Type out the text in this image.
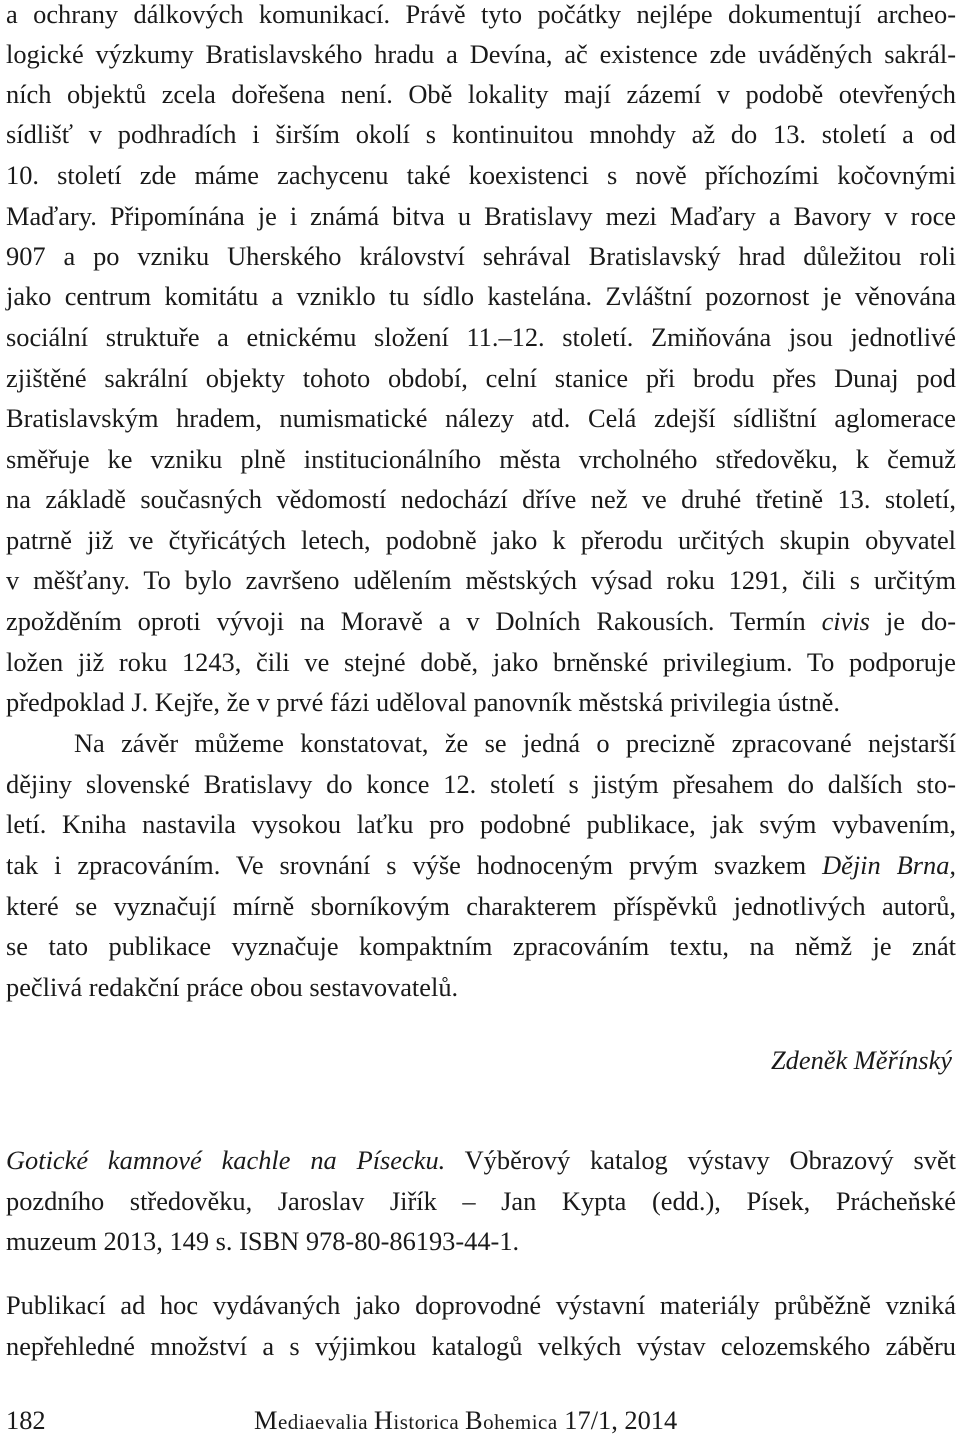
a ochrany dálkových komunikací. Právě tyto počátky nejlépe dokumentují archeo-
logické výzkumy Bratislavského hradu a Devína, ač existence zde uváděných sakrál-
ních objektů zcela dořešena není. Obě lokality mají zázemí v podobě otevřených
sídlišť v podhradích i širším okolí s kontinuitou mnohdy až do 13. století a od
10. století zde máme zachycenu také koexistenci s nově příchozími kočovnými
Maďary. Připomínána je i známá bitva u Bratislavy mezi Maďary a Bavory v roce
907 a po vzniku Uherského království sehrával Bratislavský hrad důležitou roli
jako centrum komitátu a vzniklo tu sídlo kastelána. Zvláštní pozornost je věnována
sociální struktuře a etnickému složení 11.–12. století. Zmiňována jsou jednotlivé
zjištěné sakrální objekty tohoto období, celní stanice při brodu přes Dunaj pod
Bratislavským hradem, numismatické nálezy atd. Celá zdejší sídlištní aglomerace
směřuje ke vzniku plně institucionálního města vrcholného středověku, k čemuž
na základě současných vědomostí nedochází dříve než ve druhé třetině 13. století,
patrně již ve čtyřicátých letech, podobně jako k přerodu určitých skupin obyvatel
v měšťany. To bylo završeno udělením městských výsad roku 1291, čili s určitým
zpožděním oproti vývoji na Moravě a v Dolních Rakousích. Termín civis je do-
ložen již roku 1243, čili ve stejné době, jako brněnské privilegium. To podporuje
předpoklad J. Kejře, že v prvé fázi uděloval panovník městská privilegia ústně.
Na závěr můžeme konstatovat, že se jedná o precizně zpracované nejstarší
dějiny slovenské Bratislavy do konce 12. století s jistým přesahem do dalších sto-
letí. Kniha nastavila vysokou laťku pro podobné publikace, jak svým vybavením,
tak i zpracováním. Ve srovnání s výše hodnoceným prvým svazkem Dějin Brna,
které se vyznačují mírně sborníkovým charakterem příspěvků jednotlivých autorů,
se tato publikace vyznačuje kompaktním zpracováním textu, na němž je znát
pečlivá redakční práce obou sestavovatelů.
Zdeněk Měřínský
Gotické kamnové kachle na Písecku. Výběrový katalog výstavy Obrazový svět
pozdního středověku, Jaroslav Jiřík – Jan Kypta (edd.), Písek, Prácheňské
muzeum 2013, 149 s. ISBN 978-80-86193-44-1.
Publikací ad hoc vydávaných jako doprovodné výstavní materiály průběžně vzniká
nepřehledné množství a s výjimkou katalogů velkých výstav celozemského záběru
182	Mediaevalia Historica Bohemica 17/1, 2014
